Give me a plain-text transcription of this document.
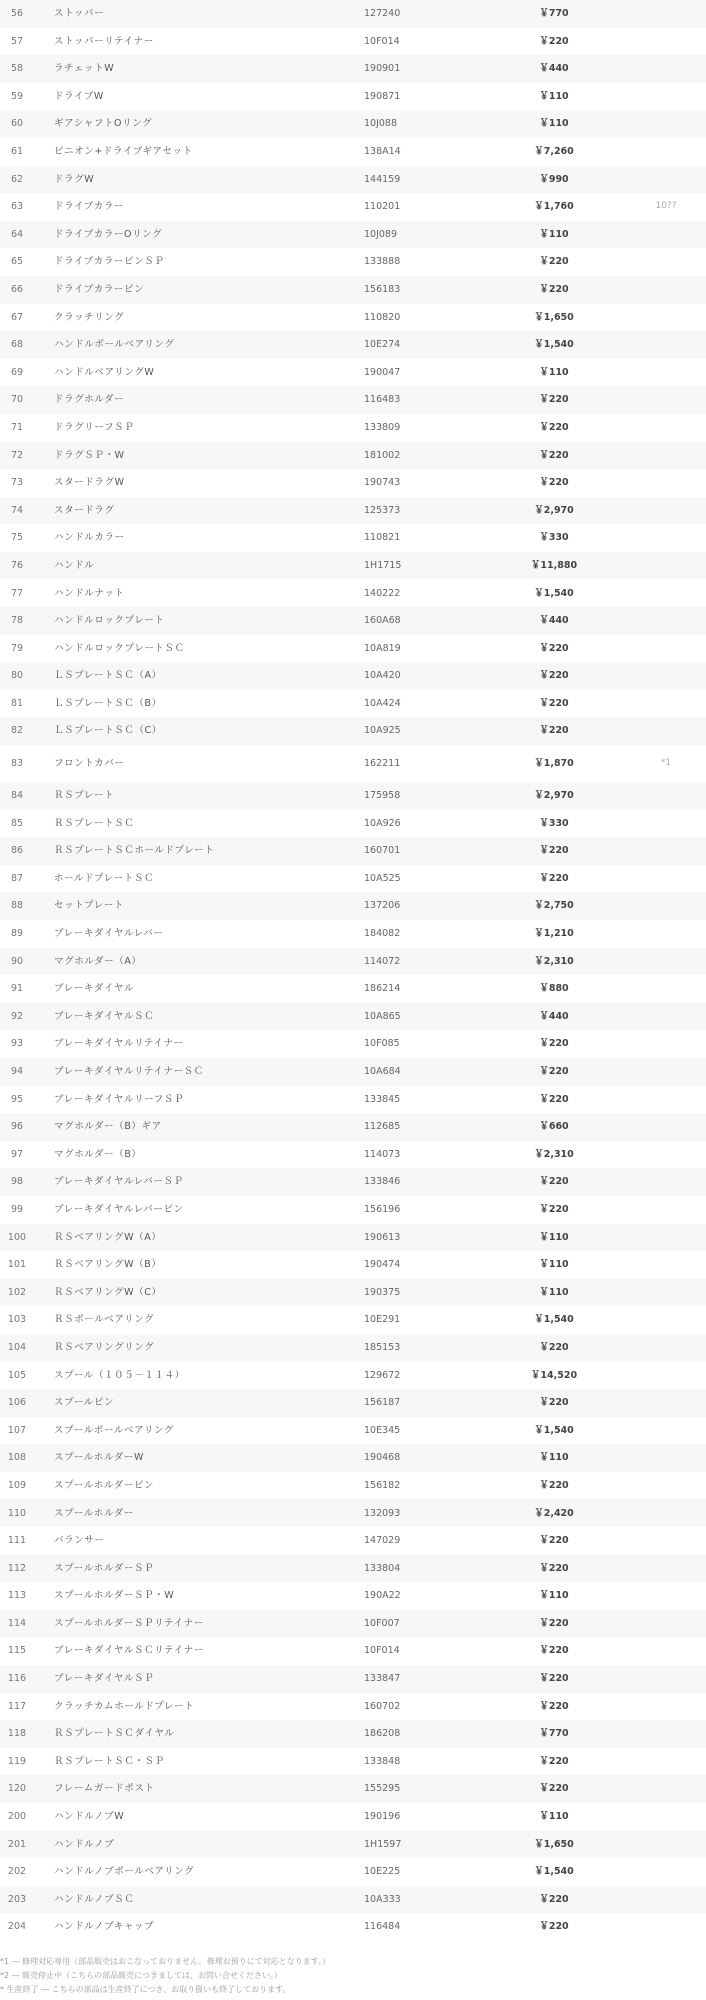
56	ストッパー	127240	￥770	
57	ストッパーリテイナー	10F014	￥220	
58	ラチェットW	190901	￥440	
59	ドライブW	190871	￥110	
60	ギアシャフトOリング	10J088	￥110	
61	ピニオン+ドライブギアセット	138A14	￥7,260	
62	ドラグW	144159	￥990	
63	ドライブカラー	110201	￥1,760	10??
64	ドライブカラーOリング	10J089	￥110	
65	ドライブカラーピンＳＰ	133888	￥220	
66	ドライブカラーピン	156183	￥220	
67	クラッチリング	110820	￥1,650	
68	ハンドルボールベアリング	10E274	￥1,540	
69	ハンドルベアリングW	190047	￥110	
70	ドラグホルダー	116483	￥220	
71	ドラグリーフＳＰ	133809	￥220	
72	ドラグＳＰ・W	181002	￥220	
73	スタードラグW	190743	￥220	
74	スタードラグ	125373	￥2,970	
75	ハンドルカラー	110821	￥330	
76	ハンドル	1H1715	￥11,880	
77	ハンドルナット	140222	￥1,540	
78	ハンドルロックプレート	160A68	￥440	
79	ハンドルロックプレートＳＣ	10A819	￥220	
80	ＬＳプレートＳＣ（A）	10A420	￥220	
81	ＬＳプレートＳＣ（B）	10A424	￥220	
82	ＬＳプレートＳＣ（C）	10A925	￥220	
83	フロントカバー	162211	￥1,870	*1
84	ＲＳプレート	175958	￥2,970	
85	ＲＳプレートＳＣ	10A926	￥330	
86	ＲＳプレートＳＣホールドプレート	160701	￥220	
87	ホールドプレートＳＣ	10A525	￥220	
88	セットプレート	137206	￥2,750	
89	ブレーキダイヤルレバー	184082	￥1,210	
90	マグホルダー（A）	114072	￥2,310	
91	ブレーキダイヤル	186214	￥880	
92	ブレーキダイヤルＳＣ	10A865	￥440	
93	ブレーキダイヤルリテイナー	10F085	￥220	
94	ブレーキダイヤルリテイナーＳＣ	10A684	￥220	
95	ブレーキダイヤルリーフＳＰ	133845	￥220	
96	マグホルダー（B）ギア	112685	￥660	
97	マグホルダー（B）	114073	￥2,310	
98	ブレーキダイヤルレバーＳＰ	133846	￥220	
99	ブレーキダイヤルレバーピン	156196	￥220	
100	ＲＳベアリングW（A）	190613	￥110	
101	ＲＳベアリングW（B）	190474	￥110	
102	ＲＳベアリングW（C）	190375	￥110	
103	ＲＳボールベアリング	10E291	￥1,540	
104	ＲＳベアリングリング	185153	￥220	
105	スプール（１０５－１１４）	129672	￥14,520	
106	スプールピン	156187	￥220	
107	スプールボールベアリング	10E345	￥1,540	
108	スプールホルダーW	190468	￥110	
109	スプールホルダーピン	156182	￥220	
110	スプールホルダー	132093	￥2,420	
111	バランサー	147029	￥220	
112	スプールホルダーＳＰ	133804	￥220	
113	スプールホルダーＳＰ・W	190A22	￥110	
114	スプールホルダーＳＰリテイナー	10F007	￥220	
115	ブレーキダイヤルＳＣリテイナー	10F014	￥220	
116	ブレーキダイヤルＳＰ	133847	￥220	
117	クラッチカムホールドプレート	160702	￥220	
118	ＲＳプレートＳＣダイヤル	186208	￥770	
119	ＲＳプレートＳＣ・ＳＰ	133848	￥220	
120	フレームガードポスト	155295	￥220	
200	ハンドルノブW	190196	￥110	
201	ハンドルノブ	1H1597	￥1,650	
202	ハンドルノブボールベアリング	10E225	￥1,540	
203	ハンドルノブＳＣ	10A333	￥220	
204	ハンドルノブキャップ	116484	￥220	
*1 ― 修理対応専用（部品販売はおこなっておりません。修理お預りにて対応となります。）
*2 ― 販売停止中（こちらの部品販売につきましては、お問い合せください。）
* 生産終了 ― こちらの部品は生産終了につき、お取り扱いも終了しております。
